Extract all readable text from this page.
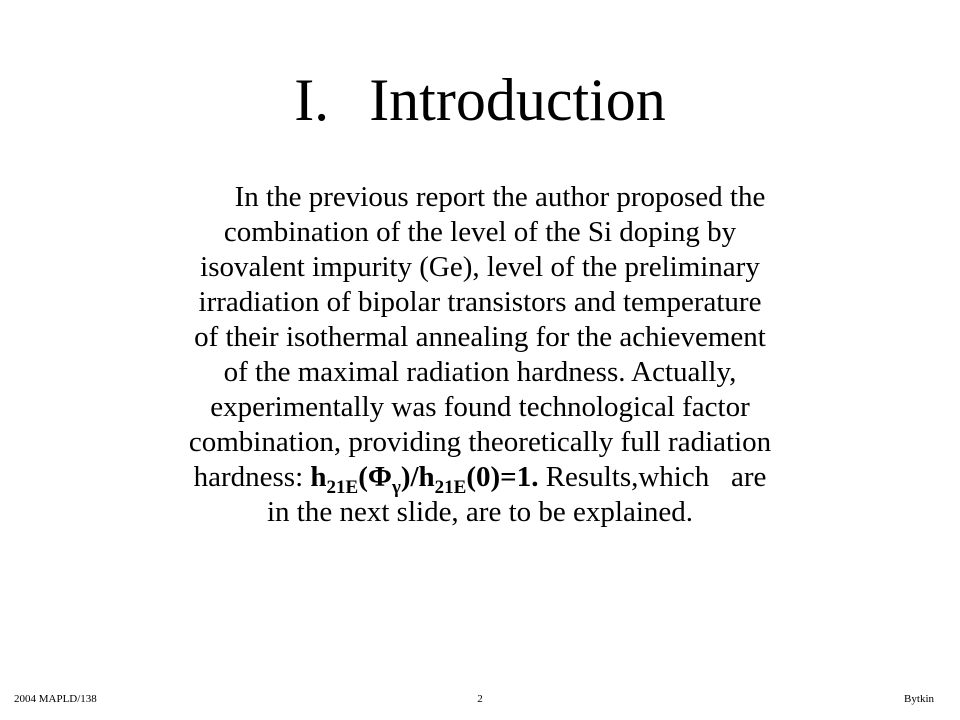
I. Introduction
In the previous report the author proposed the
combination of the level of the Si doping by
isovalent impurity (Ge), level of the preliminary
irradiation of bipolar transistors and temperature
of their isothermal annealing for the achievement
of the maximal radiation hardness. Actually,
experimentally was found technological factor
combination, providing theoretically full radiation
hardness: $h_{21E}(\Phi_\gamma)/h_{21E}(0)=1$. Results,which   are
in the next slide, are to be explained.
2004 MAPLD/138	2	Bytkin
